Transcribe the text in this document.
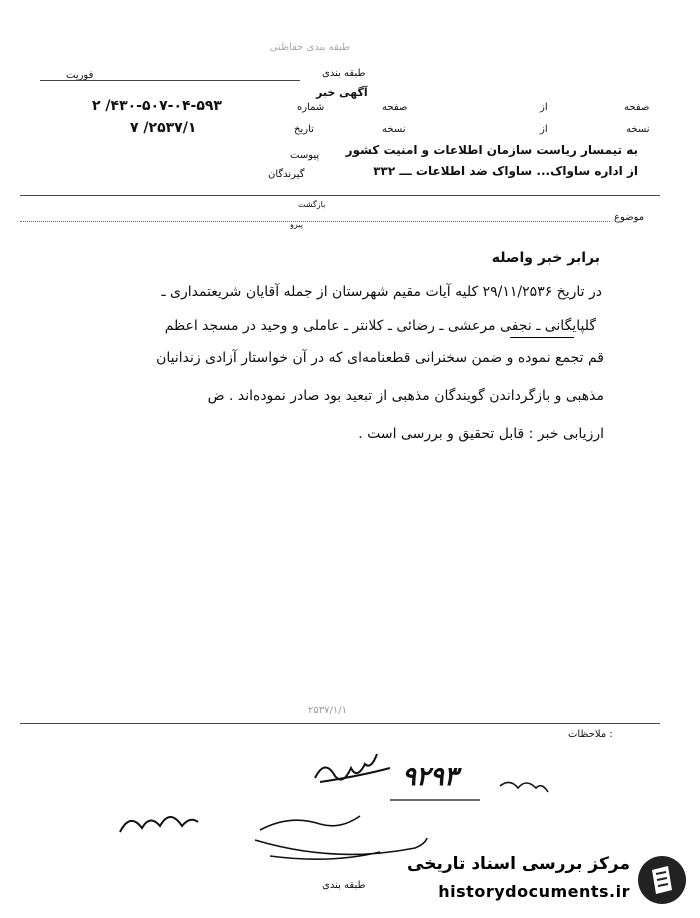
طبقه بندی حفاظتی
طبقه بندی
فوریت
آگهی خبر
صفحه
از
صفحه
شماره
۴۳۰-۵۰۷-۰۴-۵۹۳/ ۲
نسخه
از
نسخه
تاریخ
۲۵۳۷/۱/ ۷
به تیمسار ریاست سازمان اطلاعات و امنیت کشور
پیوست
از اداره ساواک... ساواک ضد اطلاعات ـــ ۳۳۲
گیرندگان
بازگشت
موضوع
پیرو
برابر خبر واصله
در تاریخ ۲۹/۱۱/۲۵۳۶ کلیه آیات مقیم شهرستان از جمله آقایان شریعتمداری ـ
گلپایگانی ـ نجفی مرعشی ـ رضائی ـ کلانتر ـ عاملی و وحید در مسجد اعظم
قم تجمع نموده و ضمن سخنرانی قطعنامه‌ای که در آن خواستار آزادی زندانیان
مذهبی و بازگرداندن گویندگان مذهبی از تبعید بود صادر نموده‌اند . ض
ارزیابی خبر : قابل تحقیق و بررسی است .
۲۵۳۷/۱/۱
ملاحظات :
۹۲۹۳
طبقه بندی
مرکز بررسی اسناد تاریخی
historydocuments.ir
